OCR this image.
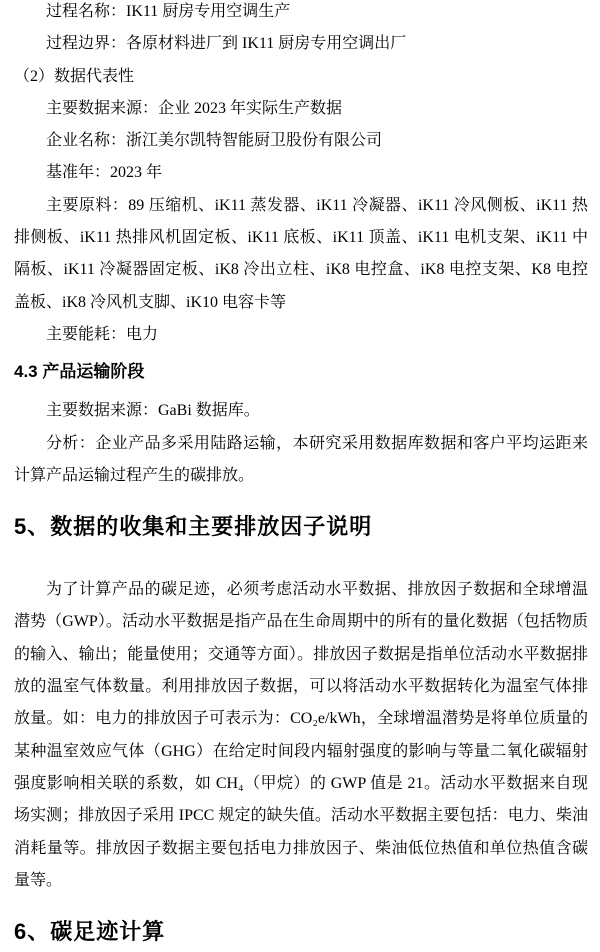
过程名称：IK11 厨房专用空调生产

过程边界：各原材料进厂到 IK11 厨房专用空调出厂

（2）数据代表性

主要数据来源：企业 2023 年实际生产数据

企业名称：浙江美尔凯特智能厨卫股份有限公司

基准年：2023 年

主要原料：89 压缩机、iK11 蒸发器、iK11 冷凝器、iK11 冷风侧板、iK11 热排侧板、iK11 热排风机固定板、iK11 底板、iK11 顶盖、iK11 电机支架、iK11 中隔板、iK11 冷凝器固定板、iK8 冷出立柱、iK8 电控盒、iK8 电控支架、K8 电控盖板、iK8 冷风机支脚、iK10 电容卡等

主要能耗：电力

4.3 产品运输阶段

主要数据来源：GaBi 数据库。

分析：企业产品多采用陆路运输，本研究采用数据库数据和客户平均运距来计算产品运输过程产生的碳排放。

5、数据的收集和主要排放因子说明

为了计算产品的碳足迹，必须考虑活动水平数据、排放因子数据和全球增温潜势（GWP）。活动水平数据是指产品在生命周期中的所有的量化数据（包括物质的输入、输出；能量使用；交通等方面）。排放因子数据是指单位活动水平数据排放的温室气体数量。利用排放因子数据，可以将活动水平数据转化为温室气体排放量。如：电力的排放因子可表示为：CO₂e/kWh，全球增温潜势是将单位质量的某种温室效应气体（GHG）在给定时间段内辐射强度的影响与等量二氧化碳辐射强度影响相关联的系数，如 CH₄（甲烷）的 GWP 值是 21。活动水平数据来自现场实测；排放因子采用 IPCC 规定的缺失值。活动水平数据主要包括：电力、柴油消耗量等。排放因子数据主要包括电力排放因子、柴油低位热值和单位热值含碳量等。

6、碳足迹计算
